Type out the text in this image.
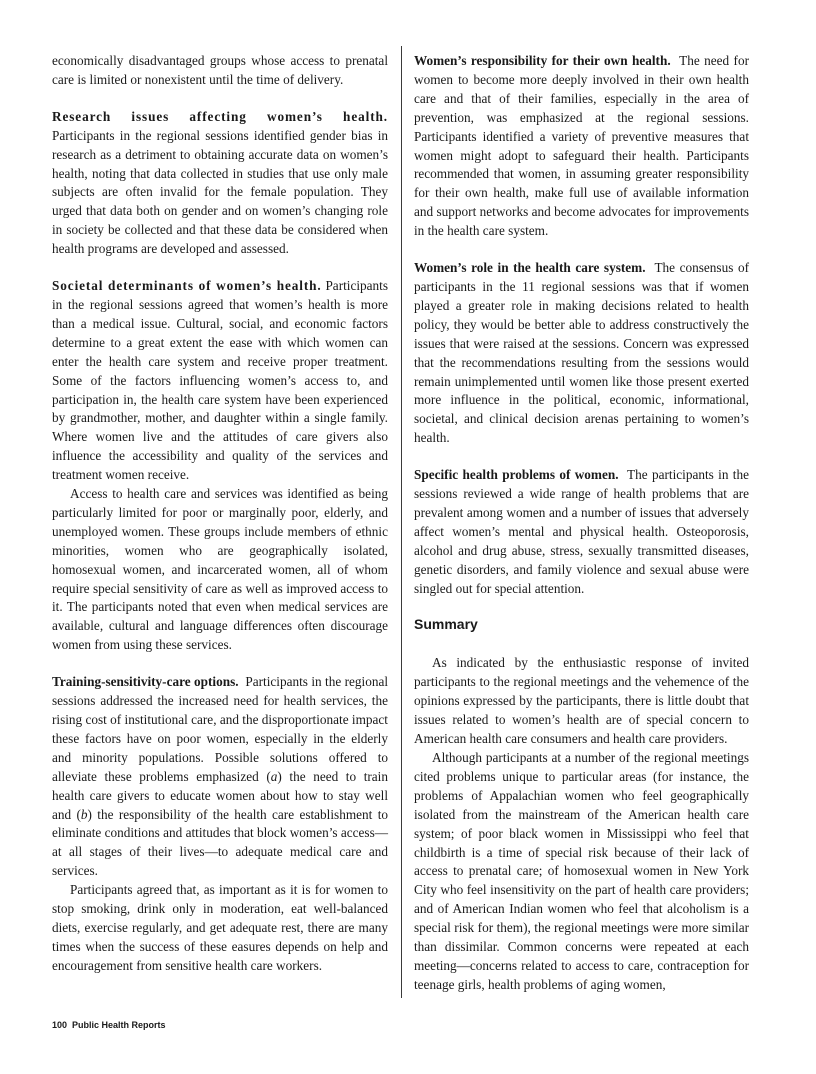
economically disadvantaged groups whose access to prenatal care is limited or nonexistent until the time of delivery.

Research issues affecting women’s health. Participants in the regional sessions identified gender bias in research as a detriment to obtaining accurate data on women’s health, noting that data collected in studies that use only male subjects are often invalid for the female population. They urged that data both on gender and on women’s changing role in society be collected and that these data be considered when health programs are developed and assessed.

Societal determinants of women’s health. Participants in the regional sessions agreed that women’s health is more than a medical issue. Cultural, social, and economic factors determine to a great extent the ease with which women can enter the health care system and receive proper treatment. Some of the factors influencing women’s access to, and participation in, the health care system have been experienced by grandmother, mother, and daughter within a single family. Where women live and the attitudes of care givers also influence the accessibility and quality of the services and treatment women receive.

Access to health care and services was identified as being particularly limited for poor or marginally poor, elderly, and unemployed women. These groups include members of ethnic minorities, women who are geographically isolated, homosexual women, and incarcerated women, all of whom require special sensitivity of care as well as improved access to it. The participants noted that even when medical services are available, cultural and language differences often discourage women from using these services.

Training-sensitivity-care options. Participants in the regional sessions addressed the increased need for health services, the rising cost of institutional care, and the disproportionate impact these factors have on poor women, especially in the elderly and minority populations. Possible solutions offered to alleviate these problems emphasized (a) the need to train health care givers to educate women about how to stay well and (b) the responsibility of the health care establishment to eliminate conditions and attitudes that block women’s access—at all stages of their lives—to adequate medical care and services.

Participants agreed that, as important as it is for women to stop smoking, drink only in moderation, eat well-balanced diets, exercise regularly, and get adequate rest, there are many times when the success of these easures depends on help and encouragement from sensitive health care workers.

Women’s responsibility for their own health. The need for women to become more deeply involved in their own health care and that of their families, especially in the area of prevention, was emphasized at the regional sessions. Participants identified a variety of preventive measures that women might adopt to safeguard their health. Participants recommended that women, in assuming greater responsibility for their own health, make full use of available information and support networks and become advocates for improvements in the health care system.

Women’s role in the health care system. The consensus of participants in the 11 regional sessions was that if women played a greater role in making decisions related to health policy, they would be better able to address constructively the issues that were raised at the sessions. Concern was expressed that the recommendations resulting from the sessions would remain unimplemented until women like those present exerted more influence in the political, economic, informational, societal, and clinical decision arenas pertaining to women’s health.

Specific health problems of women. The participants in the sessions reviewed a wide range of health problems that are prevalent among women and a number of issues that adversely affect women’s mental and physical health. Osteoporosis, alcohol and drug abuse, stress, sexually transmitted diseases, genetic disorders, and family violence and sexual abuse were singled out for special attention.

Summary

As indicated by the enthusiastic response of invited participants to the regional meetings and the vehemence of the opinions expressed by the participants, there is little doubt that issues related to women’s health are of special concern to American health care consumers and health care providers.

Although participants at a number of the regional meetings cited problems unique to particular areas (for instance, the problems of Appalachian women who feel geographically isolated from the mainstream of the American health care system; of poor black women in Mississippi who feel that childbirth is a time of special risk because of their lack of access to prenatal care; of homosexual women in New York City who feel insensitivity on the part of health care providers; and of American Indian women who feel that alcoholism is a special risk for them), the regional meetings were more similar than dissimilar. Common concerns were repeated at each meeting—concerns related to access to care, contraception for teenage girls, health problems of aging women,

100 Public Health Reports
